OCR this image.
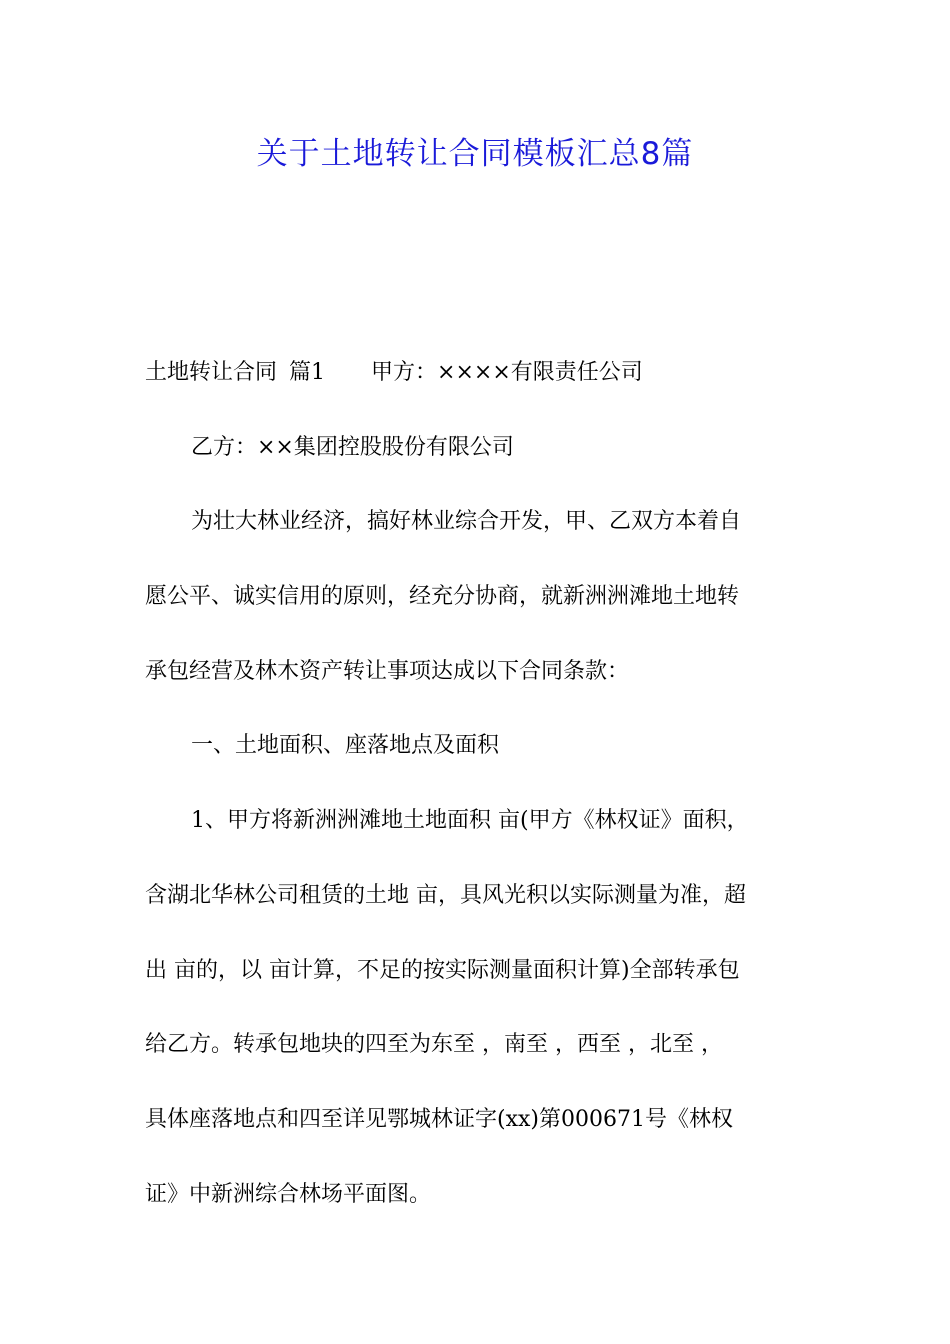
关于土地转让合同模板汇总8篇
土地转让合同 篇1 甲方：××××有限责任公司
乙方：××集团控股股份有限公司
为壮大林业经济，搞好林业综合开发，甲、乙双方本着自
愿公平、诚实信用的原则，经充分协商，就新洲洲滩地土地转
承包经营及林木资产转让事项达成以下合同条款：
一、土地面积、座落地点及面积
1、甲方将新洲洲滩地土地面积 亩(甲方《林权证》面积，
含湖北华林公司租赁的土地 亩，具风光积以实际测量为准，超
出 亩的，以 亩计算，不足的按实际测量面积计算)全部转承包
给乙方。转承包地块的四至为东至 ，南至 ，西至 ，北至 ，
具体座落地点和四至详见鄂城林证字(xx)第000671号《林权
证》中新洲综合林场平面图。
